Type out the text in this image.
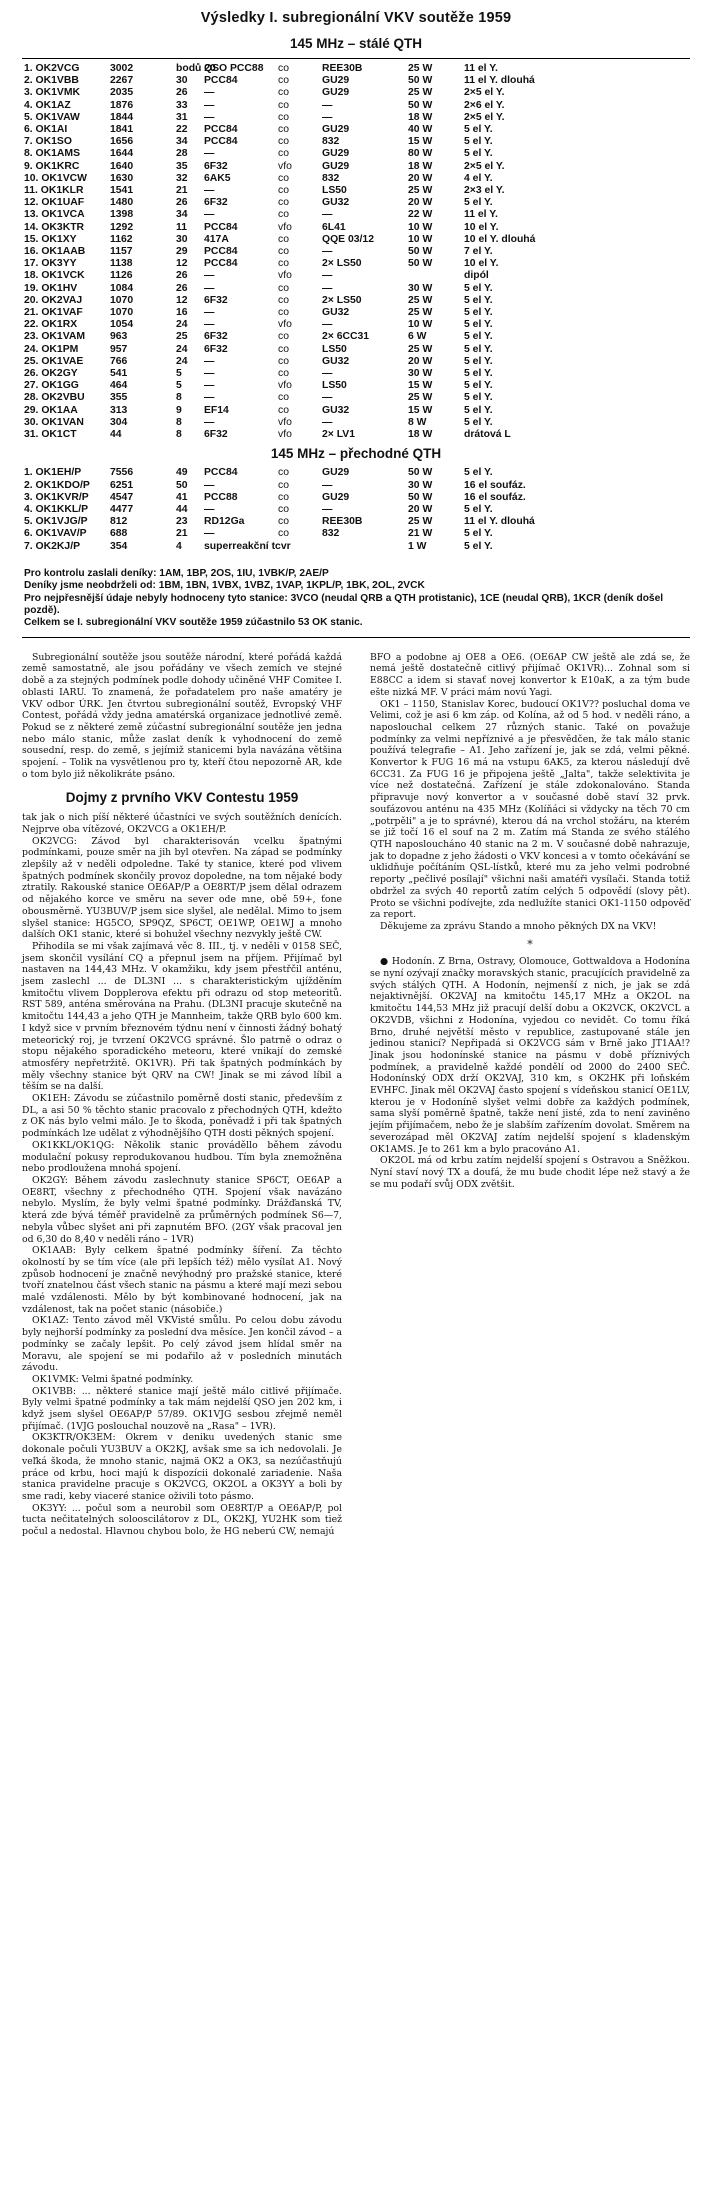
Výsledky I. subregionální VKV soutěže 1959
145 MHz – stálé QTH
1. OK2VCG	3002	bodů 20	QSO PCC88	co	REE30B	25 W	11 el Y.
2. OK1VBB	2267	30	PCC84	co	GU29	50 W	11 el Y. dlouhá
3. OK1VMK	2035	26	—	co	GU29	25 W	2×5 el Y.
4. OK1AZ	1876	33	—	co	—	50 W	2×6 el Y.
5. OK1VAW	1844	31	—	co	—	18 W	2×5 el Y.
6. OK1AI	1841	22	PCC84	co	GU29	40 W	5 el Y.
7. OK1SO	1656	34	PCC84	co	832	15 W	5 el Y.
8. OK1AMS	1644	28	—	co	GU29	80 W	5 el Y.
9. OK1KRC	1640	35	6F32	vfo	GU29	18 W	2×5 el Y.
10. OK1VCW	1630	32	6AK5	co	832	20 W	4 el Y.
11. OK1KLR	1541	21	—	co	LS50	25 W	2×3 el Y.
12. OK1UAF	1480	26	6F32	co	GU32	20 W	5 el Y.
13. OK1VCA	1398	34	—	co	—	22 W	11 el Y.
14. OK3KTR	1292	11	PCC84	vfo	6L41	10 W	10 el Y.
15. OK1XY	1162	30	417A	co	QQE 03/12	10 W	10 el Y. dlouhá
16. OK1AAB	1157	29	PCC84	co	—	50 W	7 el Y.
17. OK3YY	1138	12	PCC84	co	2× LS50	50 W	10 el Y.
18. OK1VCK	1126	26	—	vfo	—		dipól
19. OK1HV	1084	26	—	co	—	30 W	5 el Y.
20. OK2VAJ	1070	12	6F32	co	2× LS50	25 W	5 el Y.
21. OK1VAF	1070	16	—	co	GU32	25 W	5 el Y.
22. OK1RX	1054	24	—	vfo	—	10 W	5 el Y.
23. OK1VAM	963	25	6F32	co	2× 6CC31	6 W	5 el Y.
24. OK1PM	957	24	6F32	co	LS50	25 W	5 el Y.
25. OK1VAE	766	24	—	co	GU32	20 W	5 el Y.
26. OK2GY	541	5	—	co	—	30 W	5 el Y.
27. OK1GG	464	5	—	vfo	LS50	15 W	5 el Y.
28. OK2VBU	355	8	—	co	—	25 W	5 el Y.
29. OK1AA	313	9	EF14	co	GU32	15 W	5 el Y.
30. OK1VAN	304	8	—	vfo	—	8 W	5 el Y.
31. OK1CT	44	8	6F32	vfo	2× LV1	18 W	drátová L
145 MHz – přechodné QTH
1. OK1EH/P	7556	49	PCC84	co	GU29	50 W	5 el Y.
2. OK1KDO/P	6251	50	—	co	—	30 W	16 el soufáz.
3. OK1KVR/P	4547	41	PCC88	co	GU29	50 W	16 el soufáz.
4. OK1KKL/P	4477	44	—	co	—	20 W	5 el Y.
5. OK1VJG/P	812	23	RD12Ga	co	REE30B	25 W	11 el Y. dlouhá
6. OK1VAV/P	688	21	—	co	832	21 W	5 el Y.
7. OK2KJ/P	354	4	superreakční tcvr			1 W	5 el Y.
Pro kontrolu zaslali deníky: 1AM, 1BP, 2OS, 1IU, 1VBK/P, 2AE/P
Deníky jsme neobdrželi od: 1BM, 1BN, 1VBX, 1VBZ, 1VAP, 1KPL/P, 1BK, 2OL, 2VCK
Pro nejpřesnější údaje nebyly hodnoceny tyto stanice: 3VCO (neudal QRB a QTH protistanic), 1CE (neudal QRB), 1KCR (deník došel pozdě).
Celkem se I. subregionální VKV soutěže 1959 zúčastnilo 53 OK stanic.

Subregionální soutěže jsou soutěže národní, které pořádá každá země samostatně, ale jsou pořádány ve všech zemích ve stejné době a za stejných podmínek podle dohody učiněné VHF Comitee I. oblasti IARU. To znamená, že pořadatelem pro naše amatéry je VKV odbor ÚRK. Jen čtvrtou subregionální soutěž, Evropský VHF Contest, pořádá vždy jedna amatérská organizace jednotlivé země. Pokud se z některé země zúčastní subregionální soutěže jen jedna nebo málo stanic, může zaslat deník k vyhodnocení do země sousední, resp. do země, s jejímiž stanicemi byla navázána většina spojení. – Tolik na vysvětlenou pro ty, kteří čtou nepozorně AR, kde o tom bylo již několikráte psáno.

Dojmy z prvního VKV Contestu 1959

tak jak o nich píší některé účastníci ve svých soutěžních denících. Nejprve oba vítězové, OK2VCG a OK1EH/P.

OK2VCG: Závod byl charakterisován vcelku špatnými podmínkami, pouze směr na jih byl otevřen. Na západ se podmínky zlepšily až v neděli odpoledne. Také ty stanice, které pod vlivem špatných podmínek skončily provoz dopoledne, na tom nějaké body ztratily. Rakouské stanice OE6AP/P a OE8RT/P jsem dělal odrazem od nějakého korce ve směru na sever ode mne, obě 59+, ťone obousměrně. YU3BUV/P jsem sice slyšel, ale nedělal. Mimo to jsem slyšel stanice: HG5CO, SP9QZ, SP6CT, OE1WP, OE1WJ a mnoho dalších OK1 stanic, které si bohužel všechny nezvykly ještě CW.

Přihodila se mi však zajímavá věc 8. III., tj. v neděli v 0158 SEČ, jsem skončil vysílání CQ a přepnul jsem na příjem. Přijímač byl nastaven na 144,43 MHz. V okamžiku, kdy jsem přestřčil anténu, jsem zaslechl ... de DL3NI ... s charakteristickým ujížděním kmitočtu vlivem Dopplerova efektu při odrazu od stop meteoritů. RST 589, anténa směrována na Prahu. (DL3NI pracuje skutečně na kmitočtu 144,43 a jeho QTH je Mannheim, takže QRB bylo 600 km. I když sice v prvním březnovém týdnu není v činnosti žádný bohatý meteorický roj, je tvrzení OK2VCG správné. Šlo patrně o odraz o stopu nějakého sporadického meteoru, které vnikají do zemské atmosféry nepřetržitě. OK1VR). Při tak špatných podmínkách by měly všechny stanice být QRV na CW! Jinak se mi závod líbil a těším se na další.

OK1EH: Závodu se zúčastnilo poměrně dosti stanic, především z DL, a asi 50 % těchto stanic pracovalo z přechodných QTH, kdežto z OK nás bylo velmi málo. Je to škoda, poněvadž i při tak špatných podmínkách lze udělat z výhodnějšího QTH dosti pěkných spojení.

OK1KKL/OK1QG: Několik stanic prováděllo během závodu modulační pokusy reprodukovanou hudbou. Tím byla znemožněna nebo prodloužena mnohá spojení.

OK2GY: Během závodu zaslechnuty stanice SP6CT, OE6AP a OE8RT, všechny z přechodného QTH. Spojení však navázáno nebylo. Myslím, že byly velmi špatné podmínky. Drážďanská TV, která zde bývá téměř pravidelně za průměrných podmínek S6—7, nebyla vůbec slyšet ani při zapnutém BFO. (2GY však pracoval jen od 6,30 do 8,40 v neděli ráno – 1VR)

OK1AAB: Byly celkem špatné podmínky šíření. Za těchto okolností by se tím více (ale při lepších též) mělo vysílat A1. Nový způsob hodnocení je značně nevýhodný pro pražské stanice, které tvoří znatelnou část všech stanic na pásmu a které mají mezi sebou malé vzdálenosti. Mělo by být kombinované hodnocení, jak na vzdálenost, tak na počet stanic (násobiče.)

OK1AZ: Tento závod měl VKVisté smůlu. Po celou dobu závodu byly nejhorší podmínky za poslední dva měsíce. Jen končil závod – a podmínky se začaly lepšit. Po celý závod jsem hlídal směr na Moravu, ale spojení se mi podařilo až v posledních minutách závodu.

OK1VMK: Velmi špatné podmínky.

OK1VBB: ... některé stanice mají ještě málo citlivé přijímače. Byly velmi špatné podmínky a tak mám nejdelší QSO jen 202 km, i když jsem slyšel OE6AP/P 57/89. OK1VJG sesbou zřejmě neměl přijímač. (1VJG poslouchal nouzově na „Rasa" – 1VR).

OK3KTR/OK3EM: Okrem v deniku uvedených stanic sme dokonale počuli YU3BUV a OK2KJ, avšak sme sa ich nedovolali. Je veľká škoda, že mnoho stanic, najmä OK2 a OK3, sa nezúčastňujú práce od krbu, hoci majú k dispozícii dokonalé zariadenie. Naša stanica pravidelne pracuje s OK2VCG, OK2OL a OK3YY a boli by sme radi, keby viaceré stanice oživili toto pásmo.

OK3YY: ... počul som a neurobil som OE8RT/P a OE6AP/P, pol tucta nečitatelných solooscilátorov z DL, OK2KJ, YU2HK som tiež počul a nedostal. Hlavnou chybou bolo, že HG neberú CW, nemajú

BFO a podobne aj OE8 a OE6. (OE6AP CW ještě ale zdá se, že nemá ještě dostatečně citlivý přijímač OK1VR)... Zohnal som si E88CC a idem si stavať novej konvertor k E10aK, a za tým bude ešte nizká MF. V práci mám novú Yagi.

OK1 – 1150, Stanislav Korec, budoucí OK1V?? posluchal doma ve Velimi, což je asi 6 km záp. od Kolína, až od 5 hod. v neděli ráno, a naposlouchal celkem 27 různých stanic. Také on považuje podmínky za velmi nepříznivé a je přesvědčen, že tak málo stanic používá telegrafie – A1. Jeho zařízení je, jak se zdá, velmi pěkné. Konvertor k FUG 16 má na vstupu 6AK5, za kterou následují dvě 6CC31. Za FUG 16 je připojena ještě „Jalta", takže selektivita je více než dostatečná. Zařízení je stále zdokonalováno. Standa připravuje nový konvertor a v současné době staví 32 prvk. soufázovou anténu na 435 MHz (Kolíňáci si vždycky na těch 70 cm „potrpěli" a je to správné), kterou dá na vrchol stožáru, na kterém se již točí 16 el souf na 2 m. Zatím má Standa ze svého stálého QTH naposloucháno 40 stanic na 2 m. V současné době nahrazuje, jak to dopadne z jeho žádosti o VKV koncesi a v tomto očekávání se uklidňuje počítáním QSL-lístků, které mu za jeho velmi podrobné reporty „pečlivé posílají" všichni naši amatéři vysílači. Standa totiž obdržel za svých 40 reportů zatím celých 5 odpovědí (slovy pět). Proto se všichni podívejte, zda nedlužíte stanici OK1-1150 odpověď za report.

Děkujeme za zprávu Stando a mnoho pěkných DX na VKV!

*

● Hodonín. Z Brna, Ostravy, Olomouce, Gottwaldova a Hodonína se nyní ozývají značky moravských stanic, pracujících pravidelně za svých stálých QTH. A Hodonín, nejmenší z nich, je jak se zdá nejaktivnější. OK2VAJ na kmitočtu 145,17 MHz a OK2OL na kmitočtu 144,53 MHz již pracují delší dobu a OK2VCK, OK2VCL a OK2VDB, všichni z Hodonína, vyjedou co nevidět. Co tomu říká Brno, druhé největší město v republice, zastupované stále jen jedinou stanicí? Nepřipadá si OK2VCG sám v Brně jako JT1AA!? Jinak jsou hodonínské stanice na pásmu v době příznivých podmínek, a pravidelně každé pondělí od 2000 do 2400 SEČ. Hodonínský ODX drží OK2VAJ, 310 km, s OK2HK při loňském EVHFC. Jinak měl OK2VAJ často spojení s vídeňskou stanicí OE1LV, kterou je v Hodoníně slyšet velmi dobře za každých podmínek, sama slyší poměrně špatně, takže není jisté, zda to není zaviněno jejím přijímačem, nebo že je slabším zařízením dovolat. Směrem na severozápad měl OK2VAJ zatím nejdelší spojení s kladenským OK1AMS. Je to 261 km a bylo pracováno A1.

OK2OL má od krbu zatím nejdelší spojení s Ostravou a Sněžkou. Nyní staví nový TX a doufá, že mu bude chodit lépe než stavý a že se mu podaří svůj ODX zvětšit.
